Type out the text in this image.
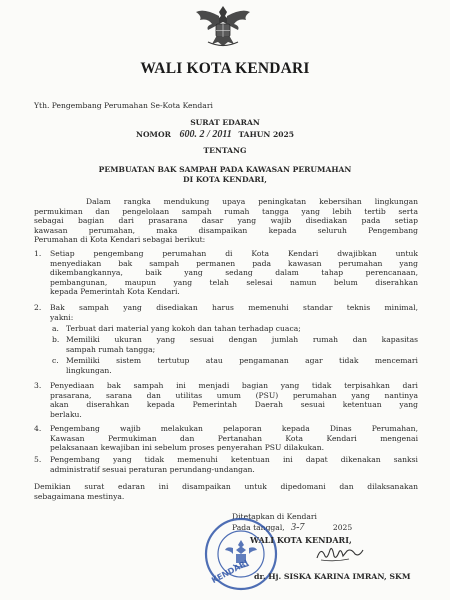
WALI KOTA KENDARI
Yth. Pengembang Perumahan Se-Kota Kendari
SURAT EDARAN
NOMOR 600. 2 / 2011 TAHUN 2025
TENTANG
PEMBUATAN BAK SAMPAH PADA KAWASAN PERUMAHAN
DI KOTA KENDARI,
Dalam rangka mendukung upaya peningkatan kebersihan lingkungan
permukiman dan pengelolaan sampah rumah tangga yang lebih tertib serta
sebagai bagian dari prasarana dasar yang wajib disediakan pada setiap
kawasan perumahan, maka disampaikan kepada seluruh Pengembang
Perumahan di Kota Kendari sebagai berikut:
1. Setiap pengembang perumahan di Kota Kendari dwajibkan untuk
menyediakan bak sampah permanen pada kawasan perumahan yang
dikembangkannya, baik yang sedang dalam tahap perencanaan,
pembangunan, maupun yang telah selesai namun belum diserahkan
kepada Pemerintah Kota Kendari.
2. Bak sampah yang disediakan harus memenuhi standar teknis minimal,
yakni:
a. Terbuat dari material yang kokoh dan tahan terhadap cuaca;
b. Memiliki ukuran yang sesuai dengan jumlah rumah dan kapasitas
sampah rumah tangga;
c. Memiliki sistem tertutup atau pengamanan agar tidak mencemari
lingkungan.
3. Penyediaan bak sampah ini menjadi bagian yang tidak terpisahkan dari
prasarana, sarana dan utilitas umum (PSU) perumahan yang nantinya
akan diserahkan kepada Pemerintah Daerah sesuai ketentuan yang
berlaku.
4. Pengembang wajib melakukan pelaporan kepada Dinas Perumahan,
Kawasan Permukiman dan Pertanahan Kota Kendari mengenai
pelaksanaan kewajiban ini sebelum proses penyerahan PSU dilakukan.
5. Pengembang yang tidak memenuhi ketentuan ini dapat dikenakan sanksi
administratif sesuai peraturan perundang-undangan.
Demikian surat edaran ini disampaikan untuk dipedomani dan dilaksanakan
sebagaimana mestinya.
Ditetapkan di Kendari
Pada tanggal, 3-7	2025
KENDARI
WALI KOTA KENDARI,
dr. Hj. SISKA KARINA IMRAN, SKM
